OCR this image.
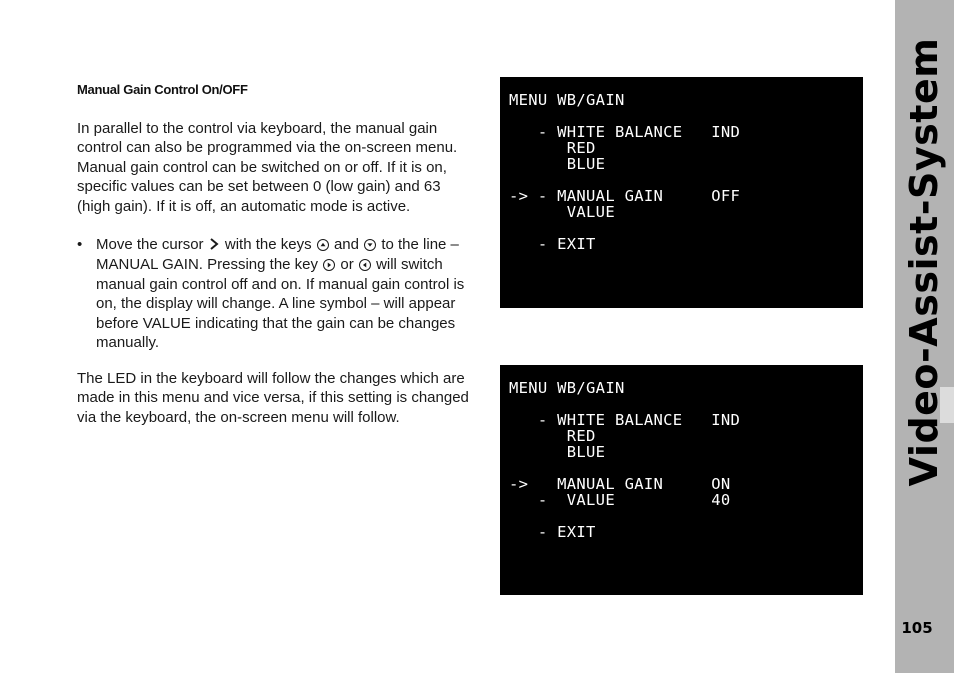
Manual Gain Control On/OFF
In parallel to the control via keyboard, the manual gain control can also be programmed via the on-screen menu. Manual gain control can be switched on or off. If it is on, specific values can be set between 0 (low gain) and 63 (high gain). If it is off, an automatic mode is active.
• Move the cursor with the keys and to the line – MANUAL GAIN. Pressing the key or will switch manual gain control off and on. If manual gain control is on, the display will change. A line symbol – will appear before VALUE indicating that the gain can be changes manually.
The LED in the keyboard will follow the changes which are made in this menu and vice versa, if this setting is changed via the keyboard, the on-screen menu will follow.
MENU WB/GAIN

- WHITE BALANCE   IND
RED
BLUE

-> - MANUAL GAIN     OFF
VALUE

- EXIT
MENU WB/GAIN

- WHITE BALANCE   IND
RED
BLUE

->   MANUAL GAIN     ON
-  VALUE          40

- EXIT
Video-Assist-System
105
